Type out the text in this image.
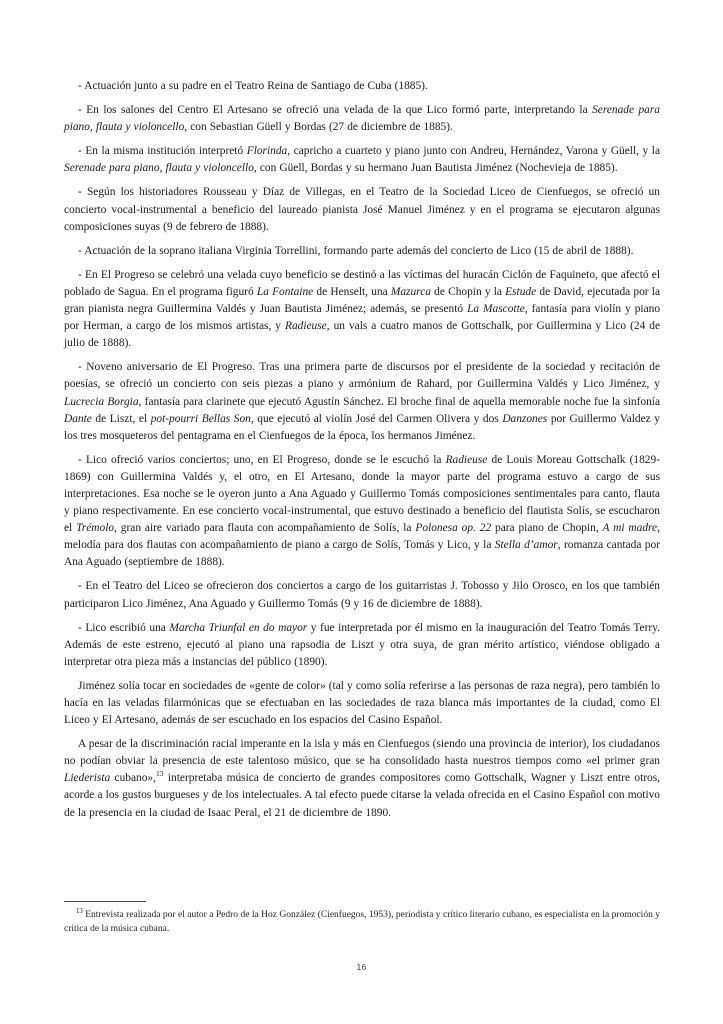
- Actuación junto a su padre en el Teatro Reina de Santiago de Cuba (1885).

- En los salones del Centro El Artesano se ofreció una velada de la que Lico formó parte, interpretando la Serenade para piano, flauta y violoncello, con Sebastian Güell y Bordas (27 de diciembre de 1885).

- En la misma institución interpretó Florinda, capricho a cuarteto y piano junto con Andreu, Hernández, Varona y Güell, y la Serenade para piano, flauta y violoncello, con Güell, Bordas y su hermano Juan Bautista Jiménez (Nochevieja de 1885).

- Según los historiadores Rousseau y Díaz de Villegas, en el Teatro de la Sociedad Liceo de Cienfuegos, se ofreció un concierto vocal-instrumental a beneficio del laureado pianista José Manuel Jiménez y en el programa se ejecutaron algunas composiciones suyas (9 de febrero de 1888).

- Actuación de la soprano italiana Virginia Torrellini, formando parte además del concierto de Lico (15 de abril de 1888).

- En El Progreso se celebró una velada cuyo beneficio se destinó a las víctimas del huracán Ciclón de Faquineto, que afectó el poblado de Sagua. En el programa figuró La Fontaine de Henselt, una Mazurca de Chopin y la Estude de David, ejecutada por la gran pianista negra Guillermina Valdés y Juan Bautista Jiménez; además, se presentó La Mascotte, fantasía para violín y piano por Herman, a cargo de los mismos artistas, y Radieuse, un vals a cuatro manos de Gottschalk, por Guillermina y Lico (24 de julio de 1888).

- Noveno aniversario de El Progreso. Tras una primera parte de discursos por el presidente de la sociedad y recitación de poesías, se ofreció un concierto con seis piezas a piano y armónium de Rahard, por Guillermina Valdés y Lico Jiménez, y Lucrecia Borgia, fantasía para clarinete que ejecutó Agustín Sánchez. El broche final de aquella memorable noche fue la sinfonía Dante de Liszt, el pot-pourri Bellas Son, que ejecutó al violín José del Carmen Olivera y dos Danzones por Guillermo Valdez y los tres mosqueteros del pentagrama en el Cienfuegos de la época, los hermanos Jiménez.

- Lico ofreció varios conciertos; uno, en El Progreso, donde se le escuchó la Radieuse de Louis Moreau Gottschalk (1829-1869) con Guillermina Valdés y, el otro, en El Artesano, donde la mayor parte del programa estuvo a cargo de sus interpretaciones. Esa noche se le oyeron junto a Ana Aguado y Guillermo Tomás composiciones sentimentales para canto, flauta y piano respectivamente. En ese concierto vocal-instrumental, que estuvo destinado a beneficio del flautista Solís, se escucharon el Trémolo, gran aire variado para flauta con acompañamiento de Solís, la Polonesa op. 22 para piano de Chopin, A mi madre, melodía para dos flautas con acompañamiento de piano a cargo de Solís, Tomás y Lico, y la Stella d’amor, romanza cantada por Ana Aguado (septiembre de 1888).

- En el Teatro del Liceo se ofrecieron dos conciertos a cargo de los guitarristas J. Tobosso y Jilo Orosco, en los que también participaron Lico Jiménez, Ana Aguado y Guillermo Tomás (9 y 16 de diciembre de 1888).

- Lico escribió una Marcha Triunfal en do mayor y fue interpretada por él mismo en la inauguración del Teatro Tomás Terry. Además de este estreno, ejecutó al piano una rapsodia de Liszt y otra suya, de gran mérito artístico, viéndose obligado a interpretar otra pieza más a instancias del público (1890).

Jiménez solía tocar en sociedades de «gente de color» (tal y como solía referirse a las personas de raza negra), pero también lo hacía en las veladas filarmónicas que se efectuaban en las sociedades de raza blanca más importantes de la ciudad, como El Liceo y El Artesano, además de ser escuchado en los espacios del Casino Español.

A pesar de la discriminación racial imperante en la isla y más en Cienfuegos (siendo una provincia de interior), los ciudadanos no podían obviar la presencia de este talentoso músico, que se ha consolidado hasta nuestros tiempos como «el primer gran Liederista cubano»,$^{13}$ interpretaba música de concierto de grandes compositores como Gottschalk, Wagner y Liszt entre otros, acorde a los gustos burgueses y de los intelectuales. A tal efecto puede citarse la velada ofrecida en el Casino Español con motivo de la presencia en la ciudad de Isaac Peral, el 21 de diciembre de 1890.

$^{13}$ Entrevista realizada por el autor a Pedro de la Hoz González (Cienfuegos, 1953), periodista y crítico literario cubano, es especialista en la promoción y crítica de la música cubana.

16
